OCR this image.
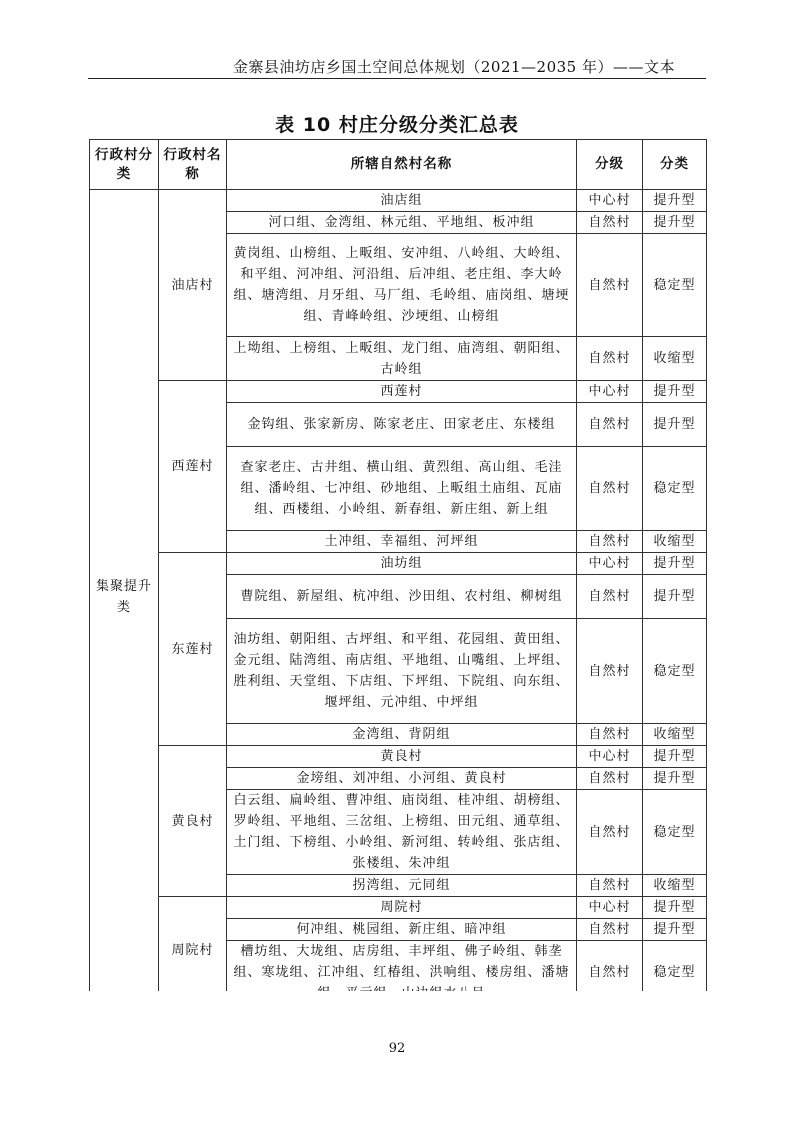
金寨县油坊店乡国土空间总体规划（2021—2035 年）——文本
表 10 村庄分级分类汇总表
行政村分类	行政村名称	所辖自然村名称	分级	分类
集聚提升类	油店村	油店组	中心村	提升型
		河口组、金湾组、林元组、平地组、板冲组	自然村	提升型
		黄岗组、山榜组、上畈组、安冲组、八岭组、大岭组、和平组、河冲组、河沿组、后冲组、老庄组、李大岭组、塘湾组、月牙组、马厂组、毛岭组、庙岗组、塘埂组、青峰岭组、沙埂组、山榜组	自然村	稳定型
		上坳组、上榜组、上畈组、龙门组、庙湾组、朝阳组、古岭组	自然村	收缩型
	西莲村	西莲村	中心村	提升型
		金钩组、张家新房、陈家老庄、田家老庄、东楼组	自然村	提升型
		查家老庄、古井组、横山组、黄烈组、高山组、毛洼组、潘岭组、七冲组、砂地组、上畈组土庙组、瓦庙组、西楼组、小岭组、新春组、新庄组、新上组	自然村	稳定型
		土冲组、幸福组、河坪组	自然村	收缩型
	东莲村	油坊组	中心村	提升型
		曹院组、新屋组、杭冲组、沙田组、农村组、柳树组	自然村	提升型
		油坊组、朝阳组、古坪组、和平组、花园组、黄田组、金元组、陆湾组、南店组、平地组、山嘴组、上坪组、胜利组、天堂组、下店组、下坪组、下院组、向东组、堰坪组、元冲组、中坪组	自然村	稳定型
		金湾组、背阴组	自然村	收缩型
	黄良村	黄良村	中心村	提升型
		金塝组、刘冲组、小河组、黄良村	自然村	提升型
		白云组、扁岭组、曹冲组、庙岗组、桂冲组、胡榜组、罗岭组、平地组、三岔组、上榜组、田元组、通草组、土门组、下榜组、小岭组、新河组、转岭组、张店组、张楼组、朱冲组	自然村	稳定型
		拐湾组、元同组	自然村	收缩型
	周院村	周院村	中心村	提升型
		何冲组、桃园组、新庄组、暗冲组	自然村	提升型
		槽坊组、大垅组、店房组、丰坪组、佛子岭组、韩垄组、寒垅组、江冲组、红椿组、洪响组、楼房组、潘塘	自然村	稳定型
92
